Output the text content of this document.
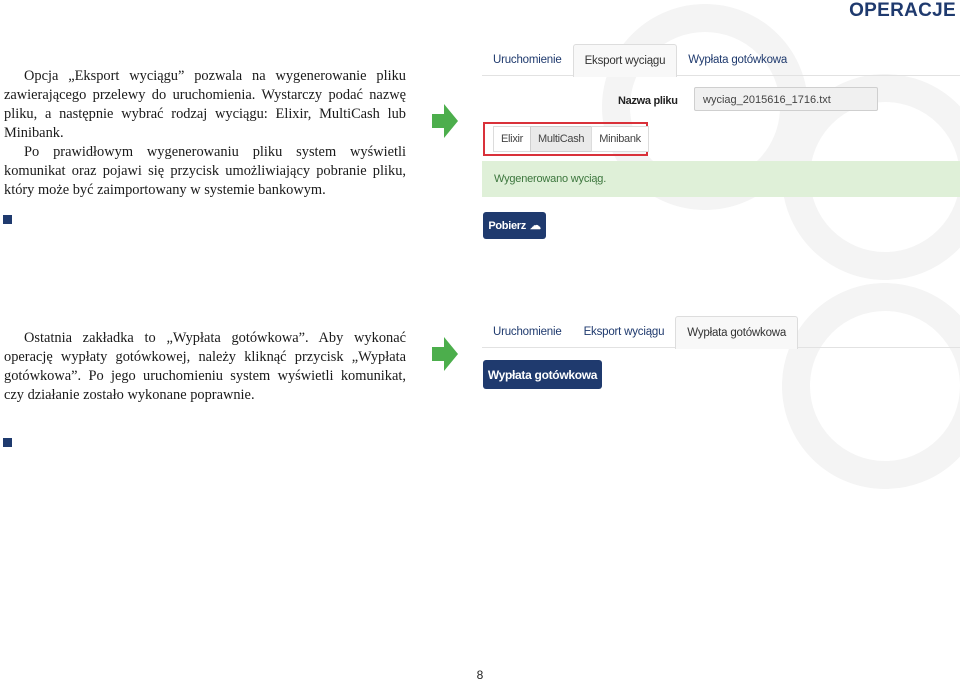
OPERACJE

Opcja „Eksport wyciągu” pozwala na wygenerowanie pliku zawierającego przelewy do uruchomienia. Wystarczy podać nazwę pliku, a następnie wybrać rodzaj wyciągu: Elixir, MultiCash lub Minibank.

Po prawidłowym wygenerowaniu pliku system wyświetli komunikat oraz pojawi się przycisk umożliwiający pobranie pliku, który może być zaimportowany w systemie bankowym.

Uruchomienie	Eksport wyciągu	Wypłata gotówkowa
Nazwa pliku	wyciag_2015616_1716.txt
Elixir	MultiCash	Minibank
Wygenerowano wyciąg.
Pobierz ☁

Ostatnia zakładka to „Wypłata gotówkowa”. Aby wykonać operację wypłaty gotówkowej, należy kliknąć przycisk „Wypłata gotówkowa”. Po jego uruchomieniu system wyświetli komunikat, czy działanie zostało wykonane poprawnie.

Uruchomienie	Eksport wyciągu	Wypłata gotówkowa
Wypłata gotówkowa
8
